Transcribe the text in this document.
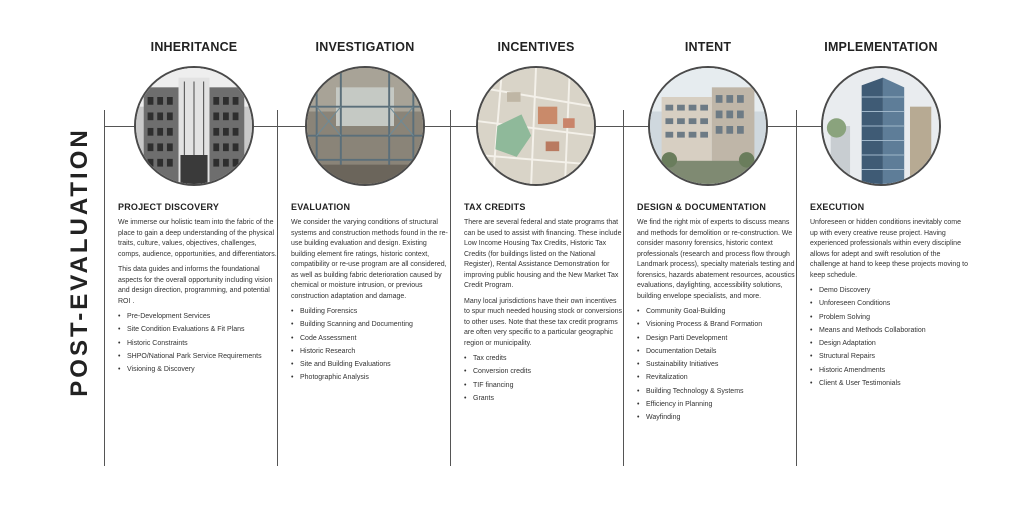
POST-EVALUATION
INHERITANCE	INVESTIGATION	INCENTIVES	INTENT	IMPLEMENTATION
PROJECT DISCOVERY

We immerse our holistic team into the fabric of the place to gain a deep understanding of the physical traits, culture, values, objectives, challenges, comps, audience, opportunities, and differentiators.

This data guides and informs the foundational aspects for the overall opportunity including vision and design direction, programming, and potential ROI .

• Pre-Development Services
• Site Condition Evaluations & Fit Plans
• Historic Constraints
• SHPO/National Park Service Requirements
• Visioning & Discovery
EVALUATION

We consider the varying conditions of structural systems and construction methods found in the re-use building evaluation and design. Existing building element fire ratings, historic context, compatibility or re-use program are all considered, as well as building fabric deterioration caused by chemical or moisture intrusion, or previous construction adaptation and damage.

• Building Forensics
• Building Scanning and Documenting
• Code Assessment
• Historic Research
• Site and Building Evaluations
• Photographic Analysis
TAX CREDITS

There are several federal and state programs that can be used to assist with financing. These include Low Income Housing Tax Credits, Historic Tax Credits (for buildings listed on the National Register), Rental Assistance Demonstration for improving public housing and the New Market Tax Credit Program.

Many local jurisdictions have their own incentives to spur much needed housing stock or conversions to other uses. Note that these tax credit programs are often very specific to a particular geographic region or municipality.

• Tax credits
• Conversion credits
• TIF financing
• Grants
DESIGN & DOCUMENTATION

We find the right mix of experts to discuss means and methods for demolition or re-construction. We consider masonry forensics, historic context professionals (research and process flow through Landmark process), specialty materials testing and forensics, hazards abatement resources, acoustics evaluations, daylighting, accessibility solutions, building envelope specialists, and more.

• Community Goal-Building
• Visioning Process & Brand Formation
• Design Parti Development
• Documentation Details
• Sustainability Initiatives
• Revitalization
• Building Technology & Systems
• Efficiency in Planning
• Wayfinding
EXECUTION

Unforeseen or hidden conditions inevitably come up with every creative reuse project. Having experienced professionals within every discipline allows for adept and swift resolution of the challenge at hand to keep these projects moving to keep schedule.

• Demo Discovery
• Unforeseen Conditions
• Problem Solving
• Means and Methods Collaboration
• Design Adaptation
• Structural Repairs
• Historic Amendments
• Client & User Testimonials
